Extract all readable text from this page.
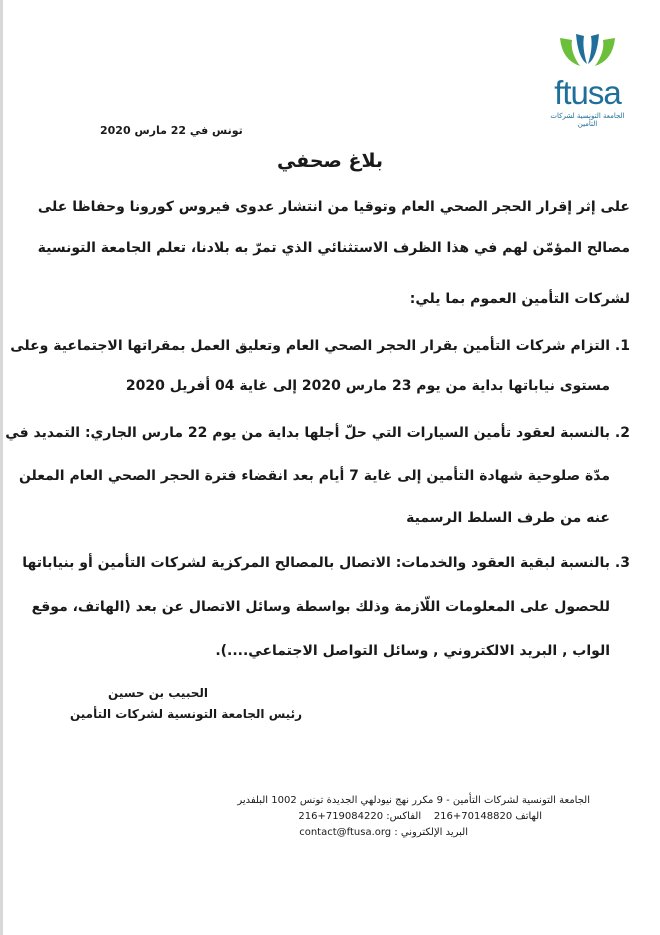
ftusa
الجامعة التونسية لشركات التأمين
تونس في 22 مارس 2020
بلاغ صحفي
على إثر إقرار الحجر الصحي العام وتوقيا من انتشار عدوى فيروس كورونا وحفاظا على
مصالح المؤمّن لهم في هذا الظرف الاستثنائي الذي تمرّ به بلادنا، تعلم الجامعة التونسية
لشركات التأمين العموم بما يلي:
1. التزام شركات التأمين بقرار الحجر الصحي العام وتعليق العمل بمقراتها الاجتماعية وعلى
مستوى نياباتها بداية من يوم 23 مارس 2020 إلى غاية 04 أفريل 2020
2. بالنسبة لعقود تأمين السيارات التي حلّ أجلها بداية من يوم 22 مارس الجاري: التمديد في
مدّة صلوحية شهادة التأمين إلى غاية 7 أيام بعد انقضاء فترة الحجر الصحي العام المعلن
عنه من طرف السلط الرسمية
3. بالنسبة لبقية العقود والخدمات: الاتصال بالمصالح المركزية لشركات التأمين أو بنياباتها
للحصول على المعلومات اللّازمة وذلك بواسطة وسائل الاتصال عن بعد (الهاتف، موقع
الواب , البريد الالكتروني , وسائل التواصل الاجتماعي....).
الحبيب بن حسين
رئيس الجامعة التونسية لشركات التأمين
الجامعة التونسية لشركات التأمين - 9 مكرر نهج نيودلهي الجديدة تونس 1002 البلفدير
الهاتف 216+70148820    الفاكس: 216+719084220
البريد الإلكتروني : contact@ftusa.org
